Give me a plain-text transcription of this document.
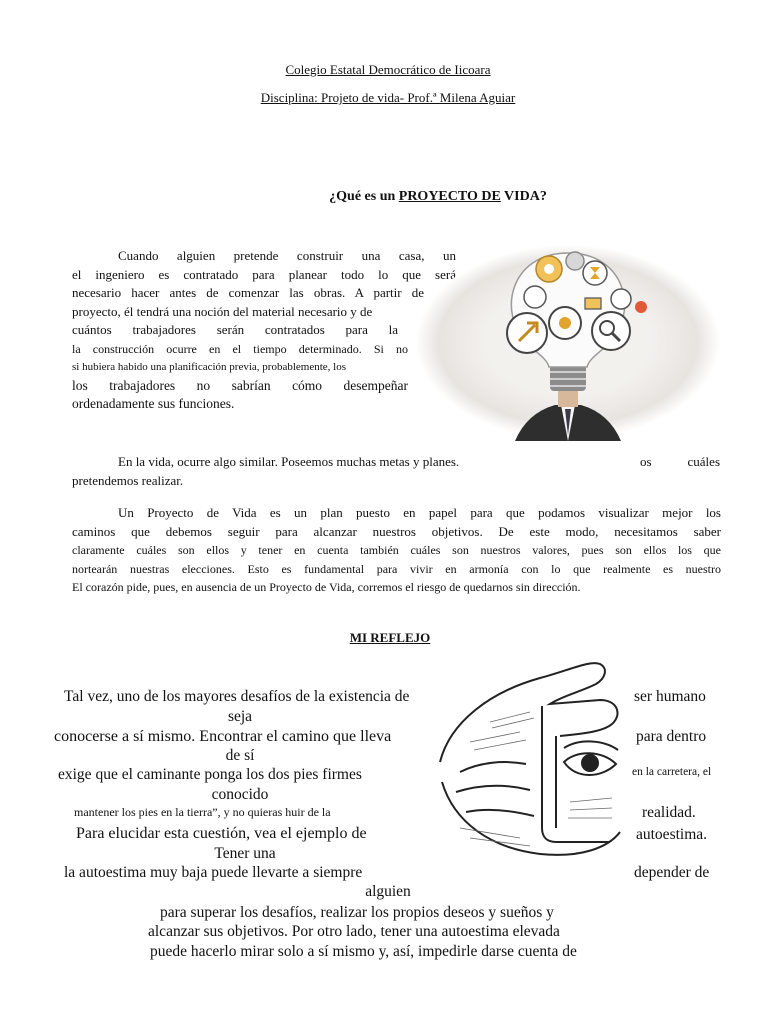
Colegio Estatal Democrático de Iicoara
Disciplina: Projeto de vida- Prof.ª Milena Aguiar
¿Qué es un PROYECTO DE VIDA?
Cuando alguien pretende construir una casa, un
el ingeniero es contratado para planear todo lo que será
necesario hacer antes de comenzar las obras. A partir de
proyecto, él tendrá una noción del material necesario y de
cuántos trabajadores serán contratados para la
la construcción ocurre en el tiempo determinado. Si no
si hubiera habido una planificación previa, probablemente, los
los trabajadores no sabrían cómo desempeñar
ordenadamente sus funciones.
En la vida, ocurre algo similar. Poseemos muchas metas y planes.	os	cuáles
pretendemos realizar.
Un Proyecto de Vida es un plan puesto en papel para que podamos visualizar mejor los
caminos que debemos seguir para alcanzar nuestros objetivos. De este modo, necesitamos saber
claramente cuáles son ellos y tener en cuenta también cuáles son nuestros valores, pues son ellos los que
nortearán nuestras elecciones. Esto es fundamental para vivir en armonía con lo que realmente es nuestro
El corazón pide, pues, en ausencia de un Proyecto de Vida, corremos el riesgo de quedarnos sin dirección.
MI REFLEJO
Tal vez, uno de los mayores desafíos de la existencia de	ser humano
seja
conocerse a sí mismo. Encontrar el camino que lleva	para dentro
de sí
exige que el caminante ponga los dos pies firmes	en la carretera, el
conocido
mantener los pies en la tierra”, y no quieras huir de la	realidad.
Para elucidar esta cuestión, vea el ejemplo de	autoestima.
Tener una
la autoestima muy baja puede llevarte a siempre	depender de
alguien
para superar los desafíos, realizar los propios deseos y sueños y
alcanzar sus objetivos. Por otro lado, tener una autoestima elevada
puede hacerlo mirar solo a sí mismo y, así, impedirle darse cuenta de
